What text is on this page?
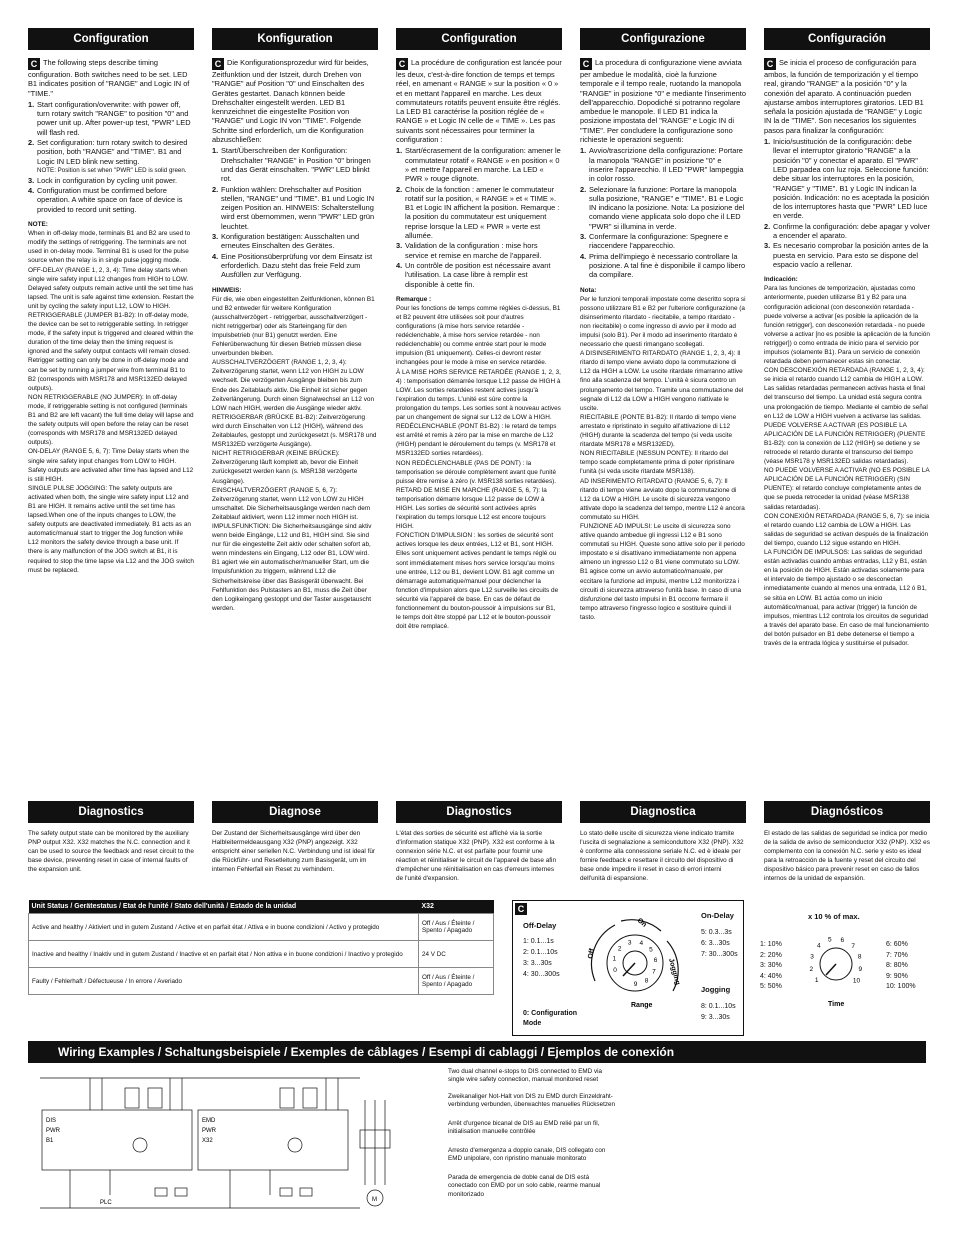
Configuration
C The following steps describe timing configuration. Both switches need to be set. LED B1 indicates position of "RANGE" and Logic IN of "TIME."
1. Start configuration/overwrite: with power off, turn rotary switch "RANGE" to position "0" and power unit up. After power-up test, "PWR" LED will flash red.
2. Set configuration: turn rotary switch to desired position, both "RANGE" and "TIME". B1 and Logic IN LED blink new setting.
NOTE: Position is set when "PWR" LED is solid green.
3. Lock in configuration by cycling unit power.
4. Configuration must be confirmed before operation. A white space on face of device is provided to record unit setting.
NOTE:
When in off-delay mode, terminals B1 and B2 are used to modify the settings of retriggering. The terminals are not used in on-delay mode. Terminal B1 is used for the pulse source when the relay is in single pulse jogging mode.
OFF-DELAY (RANGE 1, 2, 3, 4): Time delay starts when single wire safety input L12 changes from HIGH to LOW. Delayed safety outputs remain active until the set time has lapsed. The unit is safe against time extension. Restart the unit by cycling the safety input L12, LOW to HIGH.
RETRIGGERABLE (JUMPER B1-B2): In off-delay mode, the device can be set to retriggerable setting. In retrigger mode, if the safety input is triggered and cleared within the duration of the time delay then the timing request is ignored and the safety output contacts will remain closed. Retrigger setting can only be done in off-delay mode and can be set by running a jumper wire from terminal B1 to B2 (corresponds with MSR178 and MSR132ED delayed outputs).
NON RETRIGGERABLE (NO JUMPER): In off-delay mode, if retriggerable setting is not configured (terminals B1 and B2 are left vacant) the full time delay will lapse and the safety outputs will open before the relay can be reset (corresponds with MSR178 and MSR132ED delayed outputs).
ON-DELAY (RANGE 5, 6, 7): Time Delay starts when the single wire safety input changes from LOW to HIGH. Safety outputs are activated after time has lapsed and L12 is still HIGH.
SINGLE PULSE JOGGING: The safety outputs are activated when both, the single wire safety input L12 and B1 are HIGH. It remains active until the set time has lapsed.When one of the inputs changes to LOW, the safety outputs are deactivated immediately. B1 acts as an automatic/manual start to trigger the Jog function while L12 monitors the safety device through a base unit. If there is any malfunction of the JOG switch at B1, it is required to stop the time lapse via L12 and the JOG switch must be replaced.
Konfiguration
C Die Konfigurationsprozedur wird für beides, Zeitfunktion und der Istzeit, durch Drehen von "RANGE" auf Position "0" und Einschalten des Gerätes gestartet. Danach können beide Drehschalter eingestellt werden. LED B1 kennzeichnet die eingestellte Position von "RANGE" und Logic IN von "TIME". Folgende Schritte sind erforderlich, um die Konfiguration abzuschließen:
1. Start/Überschreiben der Konfiguration: Drehschalter "RANGE" in Position "0" bringen und das Gerät einschalten. "PWR" LED blinkt rot.
2. Funktion wählen: Drehschalter auf Position stellen, "RANGE" und "TIME". B1 und Logic IN zeigen Position an. HINWEIS: Schalterstellung wird erst übernommen, wenn "PWR" LED grün leuchtet.
3. Konfiguration bestätigen: Ausschalten und erneutes Einschalten des Gerätes.
4. Eine Positionsüberprüfung vor dem Einsatz ist erforderlich. Dazu steht das freie Feld zum Ausfüllen zur Verfügung.
HINWEIS:
Für die, wie oben eingestellten Zeitfunktionen, können B1 und B2 entweder für weitere Konfiguration (ausschaltverzögert - retriggerbar, ausschaltverzögert - nicht retriggerbar) oder als Starteingang für den Impulsbetrieb (nur B1) genutzt werden. Eine Fehlerüberwachung für diesen Betrieb müssen diese unverbunden bleiben.
AUSSCHALTVERZÖGERT (RANGE 1, 2, 3, 4): Zeitverzögerung startet, wenn L12 von HIGH zu LOW wechselt. Die verzögerten Ausgänge bleiben bis zum Ende des Zeitablaufs aktiv. Die Einheit ist sicher gegen Zeitverlängerung. Durch einen Signalwechsel an L12 von LOW nach HIGH, werden die Ausgänge wieder aktiv.
RETRIGGERBAR (BRÜCKE B1-B2): Zeitverzögerung wird durch Einschalten von L12 (HIGH), während des Zeitablaufes, gestoppt und zurückgesetzt (s. MSR178 und MSR132ED verzögerte Ausgänge).
NICHT RETRIGGERBAR (KEINE BRÜCKE): Zeitverzögerung läuft komplett ab, bevor die Einheit zurückgesetzt werden kann (s. MSR138 verzögerte Ausgänge).
EINSCHALTVERZÖGERT (RANGE 5, 6, 7): Zeitverzögerung startet, wenn L12 von LOW zu HIGH umschaltet. Die Sicherheitsausgänge werden nach dem Zeitablauf aktiviert, wenn L12 immer noch HIGH ist.
IMPULSFUNKTION: Die Sicherheitsausgänge sind aktiv wenn beide Eingänge, L12 und B1, HIGH sind. Sie sind nur für die eingestellte Zeit aktiv oder schalten sofort ab, wenn mindestens ein Eingang, L12 oder B1, LOW wird. B1 agiert wie ein automatischer/manueller Start, um die Impulsfunktion zu triggern, während L12 die Sicherheitskreise über das Basisgerät überwacht. Bei Fehlfunktion des Pulstasters an B1, muss die Zeit über den Logikeingang gestoppt und der Taster ausgetauscht werden.
Configuration
C La procédure de configuration est lancée pour les deux, c'est-à-dire fonction de temps et temps réel, en amenant « RANGE » sur la position « 0 » et en mettant l'appareil en marche. Les deux commutateurs rotatifs peuvent ensuite être réglés. La LED B1 caractérise la position réglée de « RANGE » et Logic IN celle de « TIME ». Les pas suivants sont nécessaires pour terminer la configuration :
1. Start/écrasement de la configuration: amener le commutateur rotatif « RANGE » en position « 0 » et mettre l'appareil en marche. La LED « PWR » rouge clignote.
2. Choix de la fonction : amener le commutateur rotatif sur la position, « RANGE » et « TIME ». B1 et Logic IN affichent la position. Remarque : la position du commutateur est uniquement reprise lorsque la LED « PWR » verte est allumée.
3. Validation de la configuration : mise hors service et remise en marche de l'appareil.
4. Un contrôle de position est nécessaire avant l'utilisation. La case libre à remplir est disponible à cette fin.
Remarque :
Pour les fonctions de temps comme réglées ci-dessus, B1 et B2 peuvent être utilisées soit pour d'autres configurations (à mise hors service retardée - redéclenchable, à mise hors service retardée - non redéclenchable) ou comme entrée start pour le mode impulsion (B1 uniquement). Celles-ci devront rester inchangées pour le mode à mise en service retardée.
À LA MISE HORS SERVICE RETARDÉE (RANGE 1, 2, 3, 4) : temporisation démarrée lorsque L12 passe de HIGH à LOW. Les sorties retardées restent actives jusqu'à l'expiration du temps. L'unité est sûre contre la prolongation du temps. Les sorties sont à nouveau actives par un changement de signal sur L12 de LOW à HIGH.
REDÉCLENCHABLE (PONT B1-B2) : le retard de temps est arrêté et remis à zéro par la mise en marche de L12 (HIGH) pendant le déroulement du temps (v. MSR178 et MSR132ED sorties retardées).
NON REDÉCLENCHABLE (PAS DE PONT) : la temporisation se déroule complètement avant que l'unité puisse être remise à zéro (v. MSR138 sorties retardées).
RETARD DE MISE EN MARCHE (RANGE 5, 6, 7): la temporisation démarre lorsque L12 passe de LOW à HIGH. Les sorties de sécurité sont activées après l'expiration du temps lorsque L12 est encore toujours HIGH.
FONCTION D'IMPULSION : les sorties de sécurité sont actives lorsque les deux entrées, L12 et B1, sont HIGH. Elles sont uniquement actives pendant le temps réglé ou sont immédiatement mises hors service lorsqu'au moins une entrée, L12 ou B1, devient LOW. B1 agit comme un démarrage automatique/manuel pour déclencher la fonction d'impulsion alors que L12 surveille les circuits de sécurité via l'appareil de base. En cas de défaut de fonctionnement du bouton-poussoir à impulsions sur B1, le temps doit être stoppé par L12 et le bouton-poussoir doit être remplacé.
Configurazione
C La procedura di configurazione viene avviata per ambedue le modalità, cioè la funzione temporale e il tempo reale, ruotando la manopola "RANGE" in posizione "0" e mediante l'inserimento dell'apparecchio. Dopodiché si potranno regolare ambedue le manopole. Il LED B1 indica la posizione impostata del "RANGE" e Logic IN di "TIME". Per concludere la configurazione sono richieste le operazioni seguenti:
1. Avvio/trascrizione della configurazione: Portare la manopola "RANGE" in posizione "0" e inserire l'apparecchio. Il LED "PWR" lampeggia in color rosso.
2. Selezionare la funzione: Portare la manopola sulla posizione, "RANGE" e "TIME". B1 e Logic IN indicano la posizione. Nota: La posizione del comando viene applicata solo dopo che il LED "PWR" si illumina in verde.
3. Confermare la configurazione: Spegnere e riaccendere l'apparecchio.
4. Prima dell'impiego è necessario controllare la posizione. A tal fine è disponibile il campo libero da compilare.
Nota:
Per le funzioni temporali impostate come descritto sopra si possono utilizzare B1 e B2 per l'ulteriore configurazione (a disinserimento ritardato - riecitabile, a tempo ritardato - non riecitabile) o come ingresso di avvio per il modo ad impulsi (solo B1). Per il modo ad inserimento ritardato è necessario che questi rimangano scollegati.
A DISINSERIMENTO RITARDATO (RANGE 1, 2, 3, 4): Il ritardo di tempo viene avviato dopo la commutazione di L12 da HIGH a LOW. Le uscite ritardate rimarranno attive fino alla scadenza del tempo. L'unità è sicura contro un prolungamento del tempo. Tramite una commutazione del segnale di L12 da LOW a HIGH vengono riattivate le uscite.
RIECITABILE (PONTE B1-B2): Il ritardo di tempo viene arrestato e ripristinato in seguito all'attivazione di L12 (HIGH) durante la scadenza del tempo (si veda uscite ritardate MSR178 e MSR132ED).
NON RIECITABILE (NESSUN PONTE): Il ritardo del tempo scade completamente prima di poter ripristinare l'unità (si veda uscite ritardate MSR138).
AD INSERIMENTO RITARDATO (RANGE 5, 6, 7): Il ritardo di tempo viene avviato dopo la commutazione di L12 da LOW a HIGH. Le uscite di sicurezza vengono attivate dopo la scadenza del tempo, mentre L12 è ancora commutato su HIGH.
FUNZIONE AD IMPULSI: Le uscite di sicurezza sono attive quando ambedue gli ingressi L12 e B1 sono commutati su HIGH. Queste sono attive solo per il periodo impostato e si disattivano immediatamente non appena almeno un ingresso L12 o B1 viene commutato su LOW. B1 agisce come un avvio automatico/manuale, per eccitare la funzione ad impulsi, mentre L12 monitorizza i circuiti di sicurezza attraverso l'unità base. In caso di una disfunzione del tasto impulsi in B1 occorre fermare il tempo attraverso l'ingresso logico e sostituire quindi il tasto.
Configuración
C Se inicia el proceso de configuración para ambos, la función de temporización y el tiempo real, girando "RANGE" a la posición "0" y la conexión del aparato. A continuación pueden ajustarse ambos interruptores giratorios. LED B1 señala la posición ajustada de "RANGE" y Logic IN la de "TIME". Son necesarios los siguientes pasos para finalizar la configuración:
1. Inicio/sustitución de la configuración: debe llevar el interruptor giratorio "RANGE" a la posición "0" y conectar el aparato. El "PWR" LED parpadea con luz roja. Seleccione función: debe situar los interruptores en la posición, "RANGE" y "TIME". B1 y Logic IN indican la posición. Indicación: no es aceptada la posición de los interruptores hasta que "PWR" LED luce en verde.
2. Confirme la configuración: debe apagar y volver a encender el aparato.
3. Es necesario comprobar la posición antes de la puesta en servicio. Para esto se dispone del espacio vacío a rellenar.
Indicación:
Para las funciones de temporización, ajustadas como anteriormente, pueden utilizarse B1 y B2 para una configuración adicional (con desconexión retardada - puede volverse a activar [es posible la aplicación de la función retrigger], con desconexión retardada - no puede volverse a activar [no es posible la aplicación de la función retrigger]) o como entrada de inicio para el servicio por impulsos (solamente B1). Para un servicio de conexión retardada deben permanecer estas sin conectar.
CON DESCONEXIÓN RETARDADA (RANGE 1, 2, 3, 4): se inicia el retardo cuando L12 cambia de HIGH a LOW. Las salidas retardadas permanecen activas hasta el final del transcurso del tiempo. La unidad está segura contra una prolongación de tiempo. Mediante el cambio de señal en L12 de LOW a HIGH vuelven a activarse las salidas.
PUEDE VOLVERSE A ACTIVAR (ES POSIBLE LA APLICACIÓN DE LA FUNCIÓN RETRIGGER) (PUENTE B1-B2): con la conexión de L12 (HIGH) se detiene y se retrocede el retardo durante el transcurso del tiempo (véase MSR178 y MSR132ED salidas retardadas).
NO PUEDE VOLVERSE A ACTIVAR (NO ES POSIBLE LA APLICACIÓN DE LA FUNCIÓN RETRIGGER) (SIN PUENTE): el retardo concluye completamente antes de que se pueda retroceder la unidad (véase MSR138 salidas retardadas).
CON CONEXIÓN RETARDADA (RANGE 5, 6, 7): se inicia el retardo cuando L12 cambia de LOW a HIGH. Las salidas de seguridad se activan después de la finalización del tiempo, cuando L12 sigue estando en HIGH.
LA FUNCIÓN DE IMPULSOS: Las salidas de seguridad están activadas cuando ambas entradas, L12 y B1, están en la posición de HIGH. Están activadas solamente para el intervalo de tiempo ajustado o se desconectan inmediatamente cuando al menos una entrada, L12 ó B1, se sitúa en LOW. B1 actúa como un inicio automático/manual, para activar (trigger) la función de impulsos, mientras L12 controla los circuitos de seguridad a través del aparato base. En caso de mal funcionamiento del botón pulsador en B1 debe detenerse el tiempo a través de la entrada lógica y sustituirse el pulsador.
Diagnostics
The safety output state can be monitored by the auxiliary PNP output X32. X32 matches the N.C. connection and it can be used to source the feedback and reset circuit to the base device, preventing reset in case of internal faults of the expansion unit.
Diagnose
Der Zustand der Sicherheitsausgänge wird über den Halbleitermeldeausgang X32 (PNP) angezeigt. X32 entspricht einer seriellen N.C. Verbindung und ist ideal für die Rückführ- und Resetleitung zum Basisgerät, um im internen Fehlerfall ein Reset zu verhindern.
Diagnostics
L'état des sorties de sécurité est affiché via la sortie d'information statique X32 (PNP). X32 est conforme à la connexion série N.C. et est parfaite pour fournir une réaction et réinitialiser le circuit de l'appareil de base afin d'empêcher une réinitialisation en cas d'erreurs internes de l'unité d'expansion.
Diagnostica
Lo stato delle uscite di sicurezza viene indicato tramite l'uscita di segnalazione a semiconduttore X32 (PNP). X32 è conforme alla connessione seriale N.C. ed è ideale per fornire feedback e resettare il circuito del dispositivo di base onde impedire il reset in caso di errori interni dell'unità di espansione.
Diagnósticos
El estado de las salidas de seguridad se indica por medio de la salida de aviso de semiconductor X32 (PNP). X32 es complemento con la conexión N.C. serie y esto es ideal para la retroacción de la fuente y reset del circuito del dispositivo básico para prevenir reset en caso de fallos internos de la unidad de expansión.
Unit Status / Gerätestatus / Etat de l'unité / Stato dell'unità / Estado de la unidad	X32
Active and healthy / Aktiviert und in gutem Zustand / Active et en parfait état / Attiva e in buone condizioni / Activo y protegido	Off / Aus / Éteinte / Spento / Apagado
Inactive and healthy / Inaktiv und in gutem Zustand / Inactive et en parfait état / Non attiva e in buone condizioni / Inactivo y protegido	24 V DC
Faulty / Fehlerhaft / Défectueuse / In errore / Averiado	Off / Aus / Éteinte / Spento / Apagado
C
Off-Delay
1: 0.1...1s
2: 0.1...10s
3: 3...30s
4: 30...300s
0: Configuration Mode
0
1
2
3 4
5
6
7
8
9
Off
On
Jogging
Range
On-Delay
5: 0.3...3s
6: 3...30s
7: 30...300s
Jogging
8: 0.1...10s
9: 3...30s
x 10 % of max.
1: 10%
2: 20%
3: 30%
4: 40%
5: 50%
1
2
3
4
5 6
7
8
9
10
Time
6: 60%
7: 70%
8: 80%
9: 90%
10: 100%
Wiring Examples / Schaltungsbeispiele / Exemples de câblages / Esempi di cablaggi / Ejemplos de conexión
DIS
PWR
B1
EMD
PWR
X32
PLC	M
Two dual channel e-stops to DIS connected to EMD via single wire safety connection, manual monitored reset
Zweikanaliger Not-Halt von DIS zu EMD durch Einzeldraht-verbindung verbunden, überwachtes manuelles Rücksetzen
Arrêt d'urgence bicanal de DIS au EMD relié par un fil, initialisation manuelle contrôlée
Arresto d'emergenza a doppio canale, DIS collegato con EMD unipolare, con ripristino manuale monitorato
Parada de emergencia de doble canal de DIS está conectado con EMD por un solo cable, rearme manual monitorizado
